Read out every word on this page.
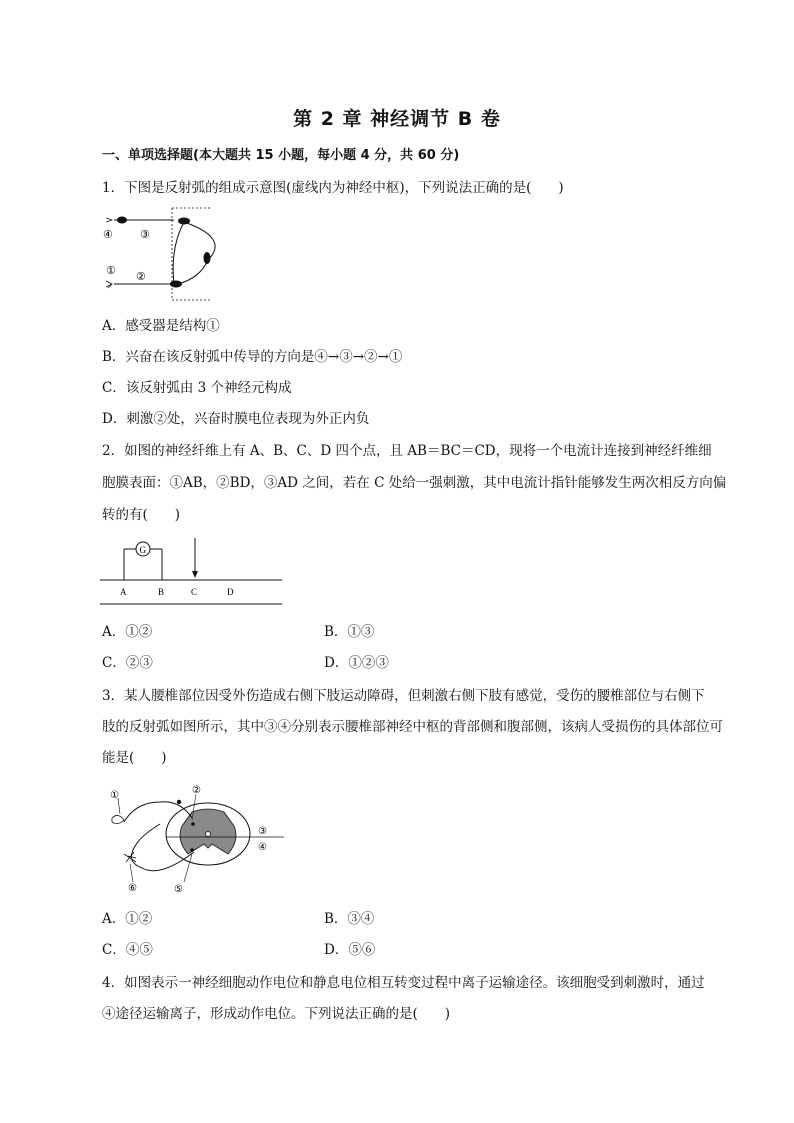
第 2 章 神经调节 B 卷
一、单项选择题(本大题共 15 小题，每小题 4 分，共 60 分)
1．下图是反射弧的组成示意图(虚线内为神经中枢)，下列说法正确的是(　　)
④ ③
① ②
A．感受器是结构①
B．兴奋在该反射弧中传导的方向是④→③→②→①
C．该反射弧由 3 个神经元构成
D．刺激②处，兴奋时膜电位表现为外正内负
2．如图的神经纤维上有 A、B、C、D 四个点，且 AB＝BC＝CD，现将一个电流计连接到神经纤维细
胞膜表面：①AB，②BD，③AD 之间，若在 C 处给一强刺激，其中电流计指针能够发生两次相反方向偏
转的有(　　)
G
A	B	C	D
A．①②	B．①③
C．②③	D．①②③
3．某人腰椎部位因受外伤造成右侧下肢运动障碍，但刺激右侧下肢有感觉，受伤的腰椎部位与右侧下
肢的反射弧如图所示，其中③④分别表示腰椎部神经中枢的背部侧和腹部侧，该病人受损伤的具体部位可
能是(　　)
①	②
③
④
⑤
⑥
A．①②	B．③④
C．④⑤	D．⑤⑥
4．如图表示一神经细胞动作电位和静息电位相互转变过程中离子运输途径。该细胞受到刺激时，通过
④途径运输离子，形成动作电位。下列说法正确的是(　　)
